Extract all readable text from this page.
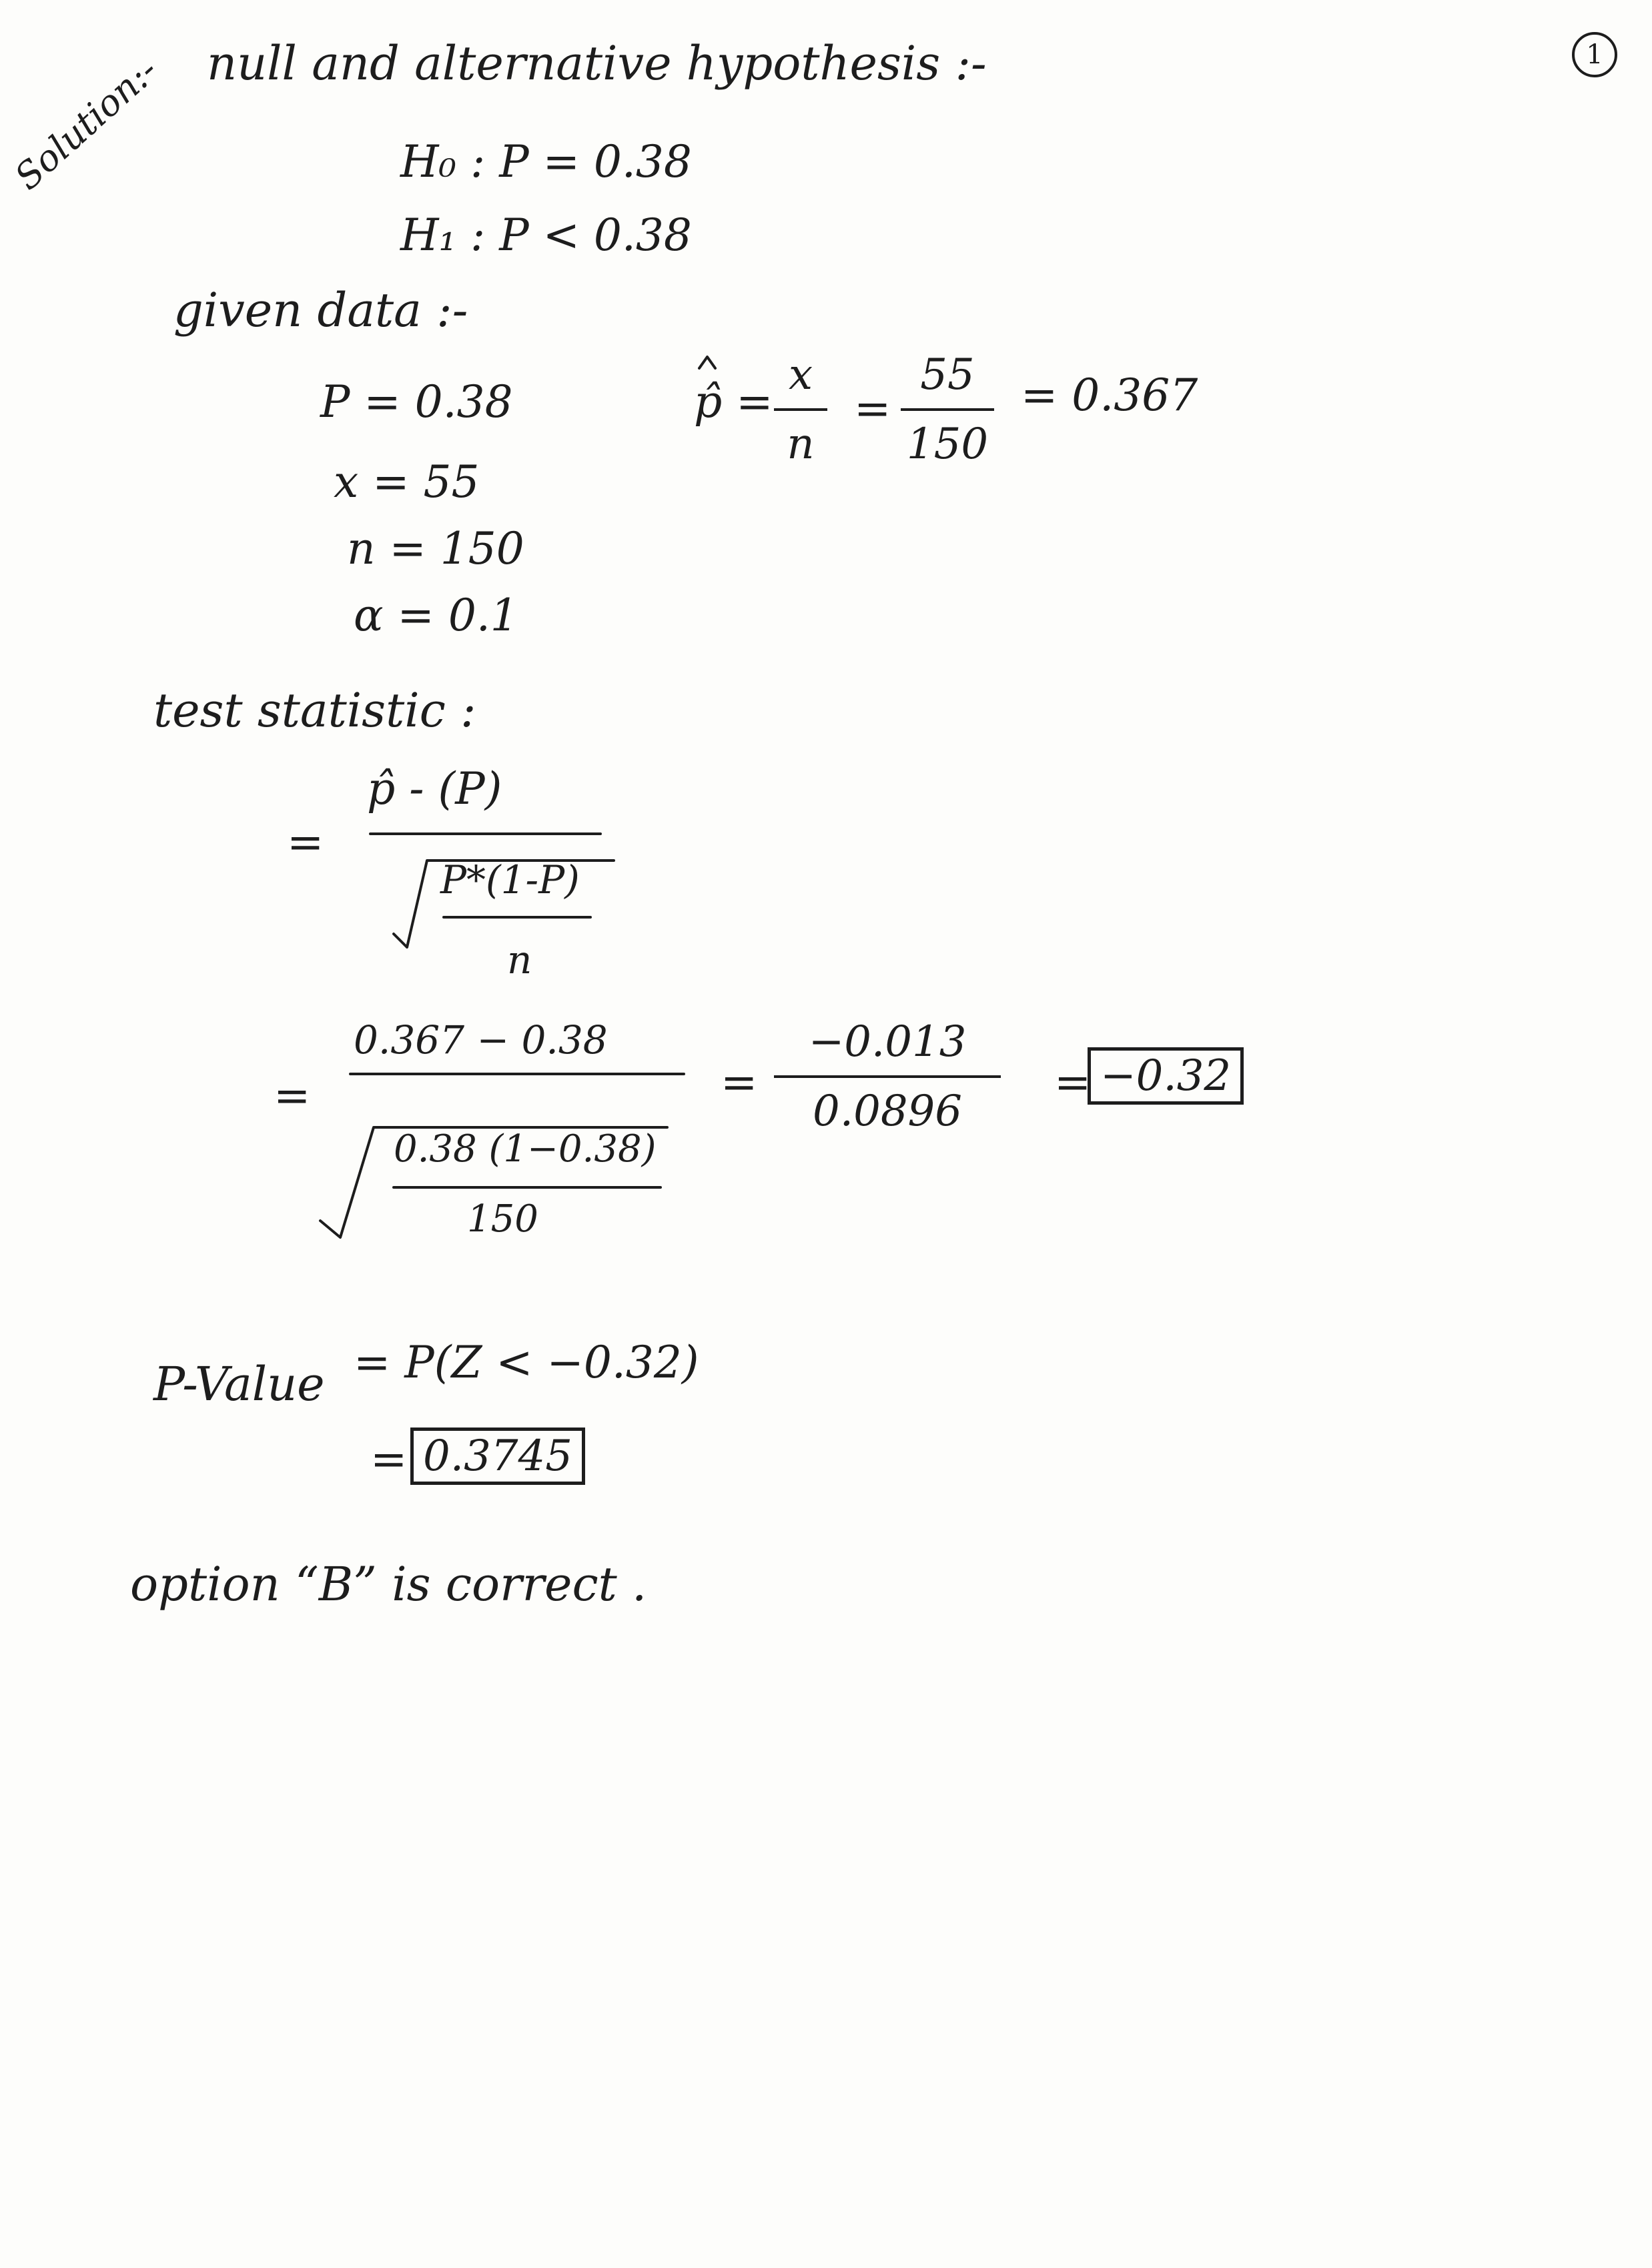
1
Solution:- null and alternative hypothesis :-
H₀ : P = 0.38
H₁ : P < 0.38
given data :-
P = 0.38
x = 55
n = 150
α = 0.1
p̂ =
x
n
=
55
150
= 0.367
test statistic :
=
p̂ - (P)
P*(1-P)
n
=
0.367 − 0.38
0.38 (1−0.38)
150
=
−0.013
0.0896
= −0.32
P-Value = P(Z < −0.32)
= 0.3745
option “B” is correct .
